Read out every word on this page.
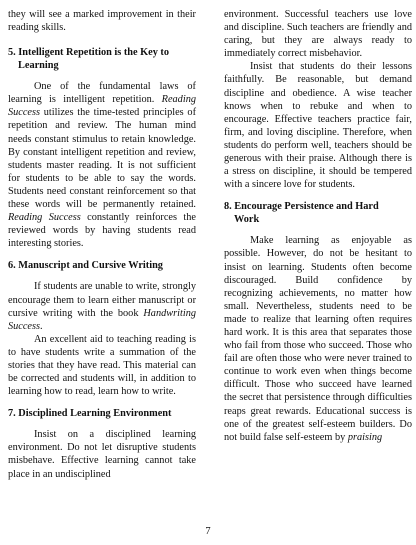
they will see a marked improvement in their reading skills.

5. Intelligent Repetition is the Key to
Learning

One of the fundamental laws of learning is intelligent repetition. Reading Success utilizes the time-tested principles of repetition and review. The human mind needs constant stimulus to retain knowledge. By constant intelligent repetition and review, students master reading. It is not sufficient for students to be able to say the words. Students need constant reinforcement so that these words will be permanently retained. Reading Success constantly reinforces the reviewed words by having students read interesting stories.

6. Manuscript and Cursive Writing

If students are unable to write, strongly encourage them to learn either manuscript or cursive writing with the book Handwriting Success.

An excellent aid to teaching reading is to have students write a summation of the stories that they have read. This material can be corrected and students will, in addition to learning how to read, learn how to write.

7. Disciplined Learning Environment

Insist on a disciplined learning environment. Do not let disruptive students misbehave. Effective learning cannot take place in an undisciplined

environment. Successful teachers use love and discipline. Such teachers are friendly and caring, but they are always ready to immediately correct misbehavior.

Insist that students do their lessons faithfully. Be reasonable, but demand discipline and obedience. A wise teacher knows when to rebuke and when to encourage. Effective teachers practice fair, firm, and loving discipline. Therefore, when students do perform well, teachers should be generous with their praise. Although there is a stress on discipline, it should be tempered with a sincere love for students.

8. Encourage Persistence and Hard
Work

Make learning as enjoyable as possible. However, do not be hesitant to insist on learning. Students often become discouraged. Build confidence by recognizing achievements, no matter how small. Nevertheless, students need to be made to realize that learning often requires hard work. It is this area that separates those who fail from those who succeed. Those who fail are often those who were never trained to continue to work even when things become difficult. Those who succeed have learned the secret that persistence through difficulties reaps great rewards. Educational success is one of the greatest self-esteem builders. Do not build false self-esteem by praising

7
